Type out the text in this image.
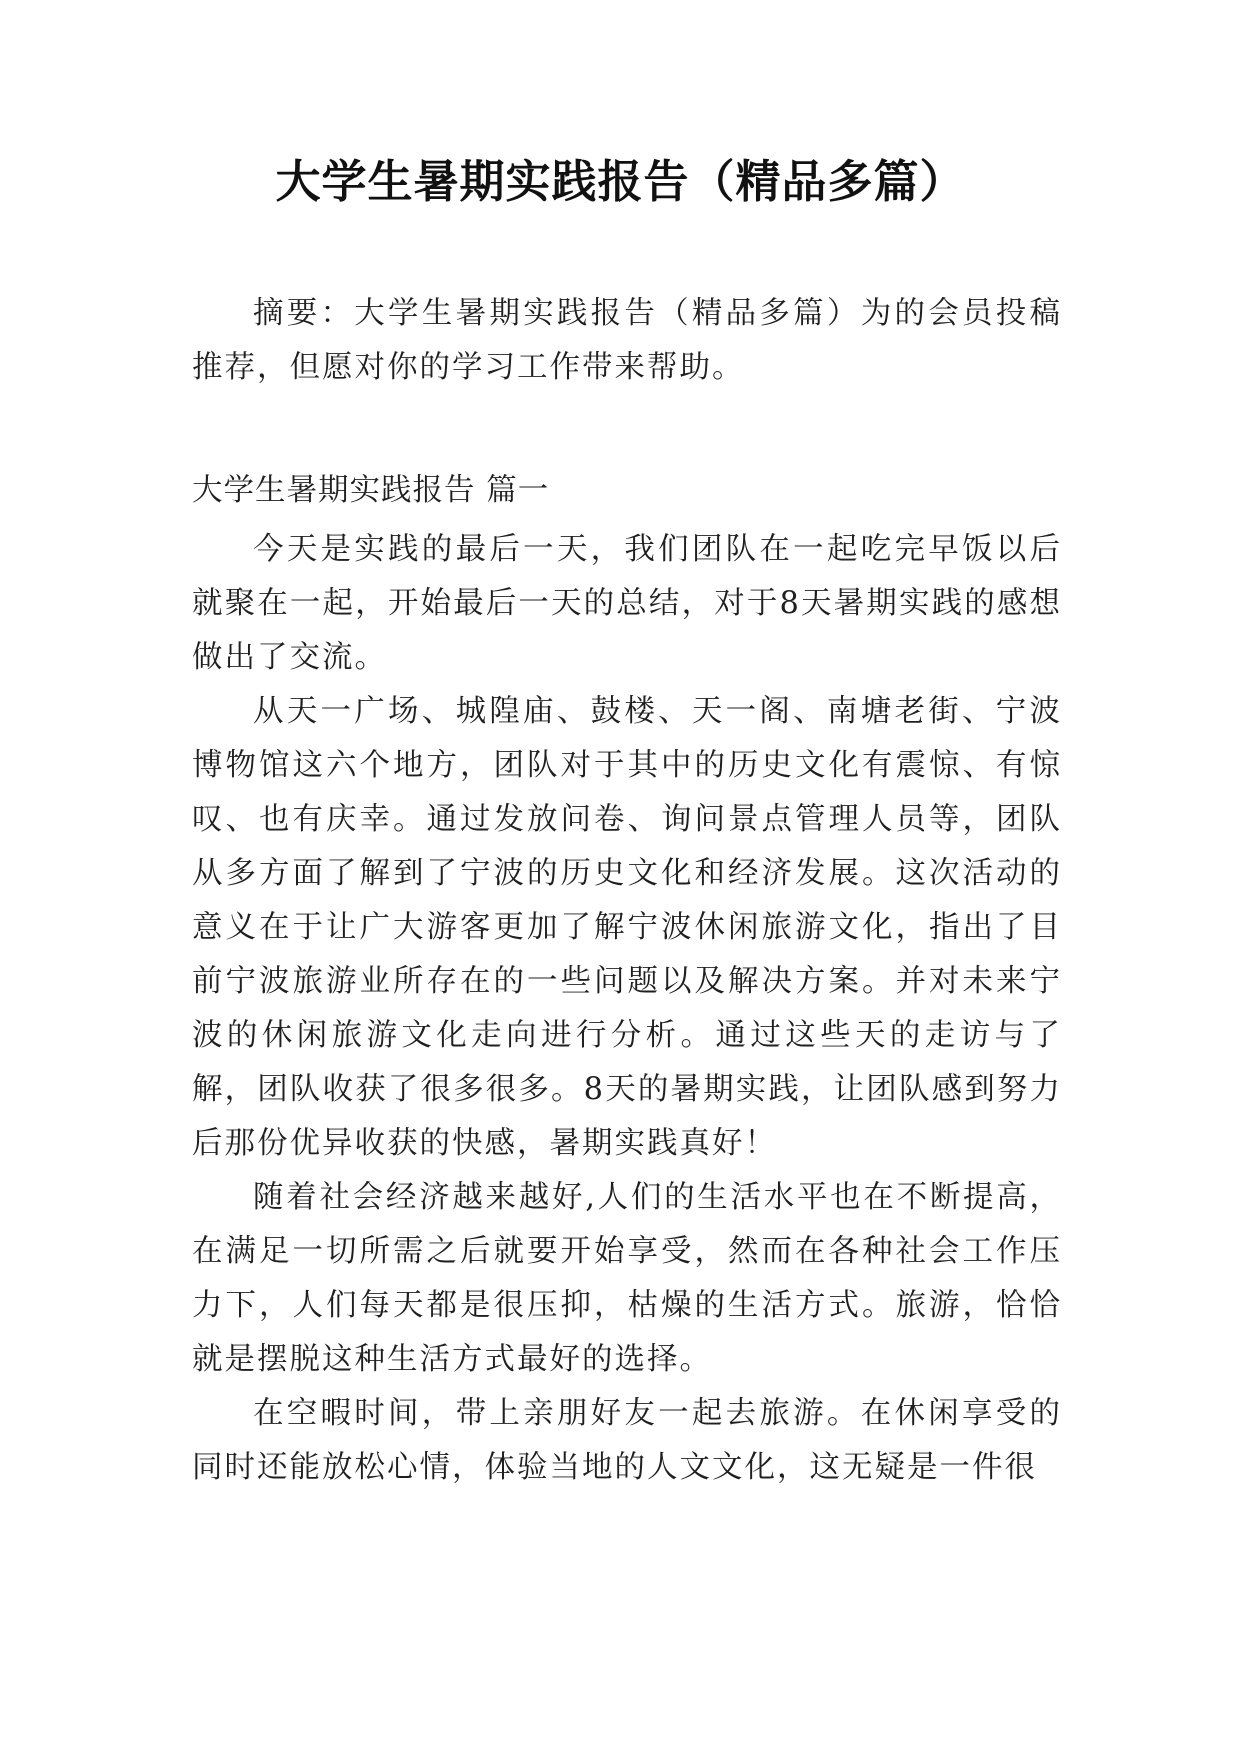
大学生暑期实践报告（精品多篇）

摘要：大学生暑期实践报告（精品多篇）为的会员投稿推荐，但愿对你的学习工作带来帮助。

大学生暑期实践报告 篇一

今天是实践的最后一天，我们团队在一起吃完早饭以后就聚在一起，开始最后一天的总结，对于8天暑期实践的感想做出了交流。

从天一广场、城隍庙、鼓楼、天一阁、南塘老街、宁波博物馆这六个地方，团队对于其中的历史文化有震惊、有惊叹、也有庆幸。通过发放问卷、询问景点管理人员等，团队从多方面了解到了宁波的历史文化和经济发展。这次活动的意义在于让广大游客更加了解宁波休闲旅游文化，指出了目前宁波旅游业所存在的一些问题以及解决方案。并对未来宁波的休闲旅游文化走向进行分析。通过这些天的走访与了解，团队收获了很多很多。8天的暑期实践，让团队感到努力后那份优异收获的快感，暑期实践真好！

随着社会经济越来越好,人们的生活水平也在不断提高，在满足一切所需之后就要开始享受，然而在各种社会工作压力下，人们每天都是很压抑，枯燥的生活方式。旅游，恰恰就是摆脱这种生活方式最好的选择。

在空暇时间，带上亲朋好友一起去旅游。在休闲享受的同时还能放松心情，体验当地的人文文化，这无疑是一件很
